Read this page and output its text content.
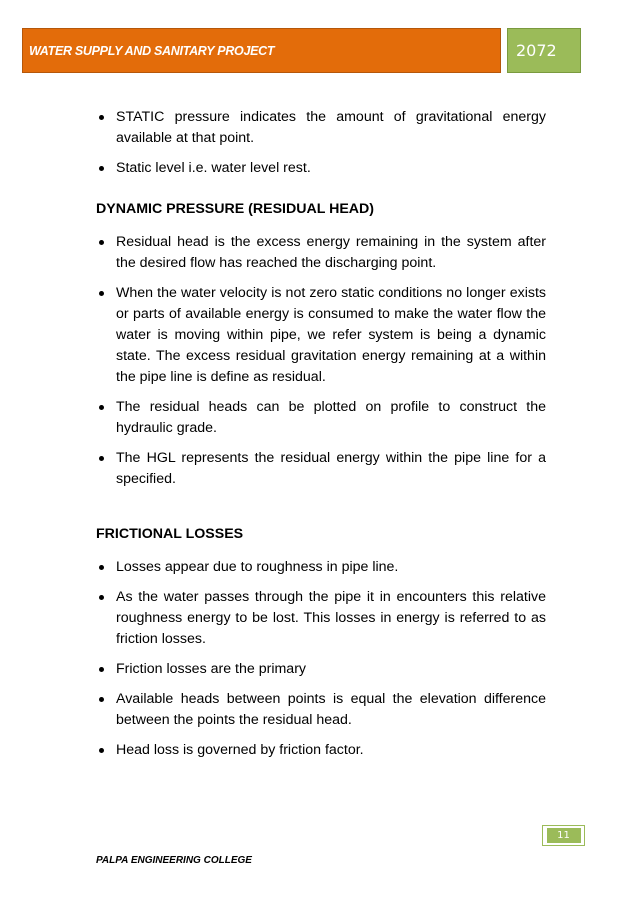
WATER SUPPLY AND SANITARY PROJECT	2072
STATIC pressure indicates the amount of gravitational energy available at that point.
Static level i.e. water level rest.
DYNAMIC PRESSURE (RESIDUAL HEAD)
Residual head is the excess energy remaining in the system after the desired flow has reached the discharging point.
When the water velocity is not zero static conditions no longer exists or parts of available energy is consumed to make the water flow the water is moving within pipe, we refer system is being a dynamic state. The excess residual gravitation energy remaining at a within the pipe line is define as residual.
The residual heads can be plotted on profile to construct the hydraulic grade.
The HGL represents the residual energy within the pipe line for a specified.
FRICTIONAL LOSSES
Losses appear due to roughness in pipe line.
As the water passes through the pipe it in encounters this relative roughness energy to be lost. This losses in energy is referred to as friction losses.
Friction losses are the primary
Available heads between points is equal the elevation difference between the points the residual head.
Head loss is governed by friction factor.
11
PALPA ENGINEERING COLLEGE
